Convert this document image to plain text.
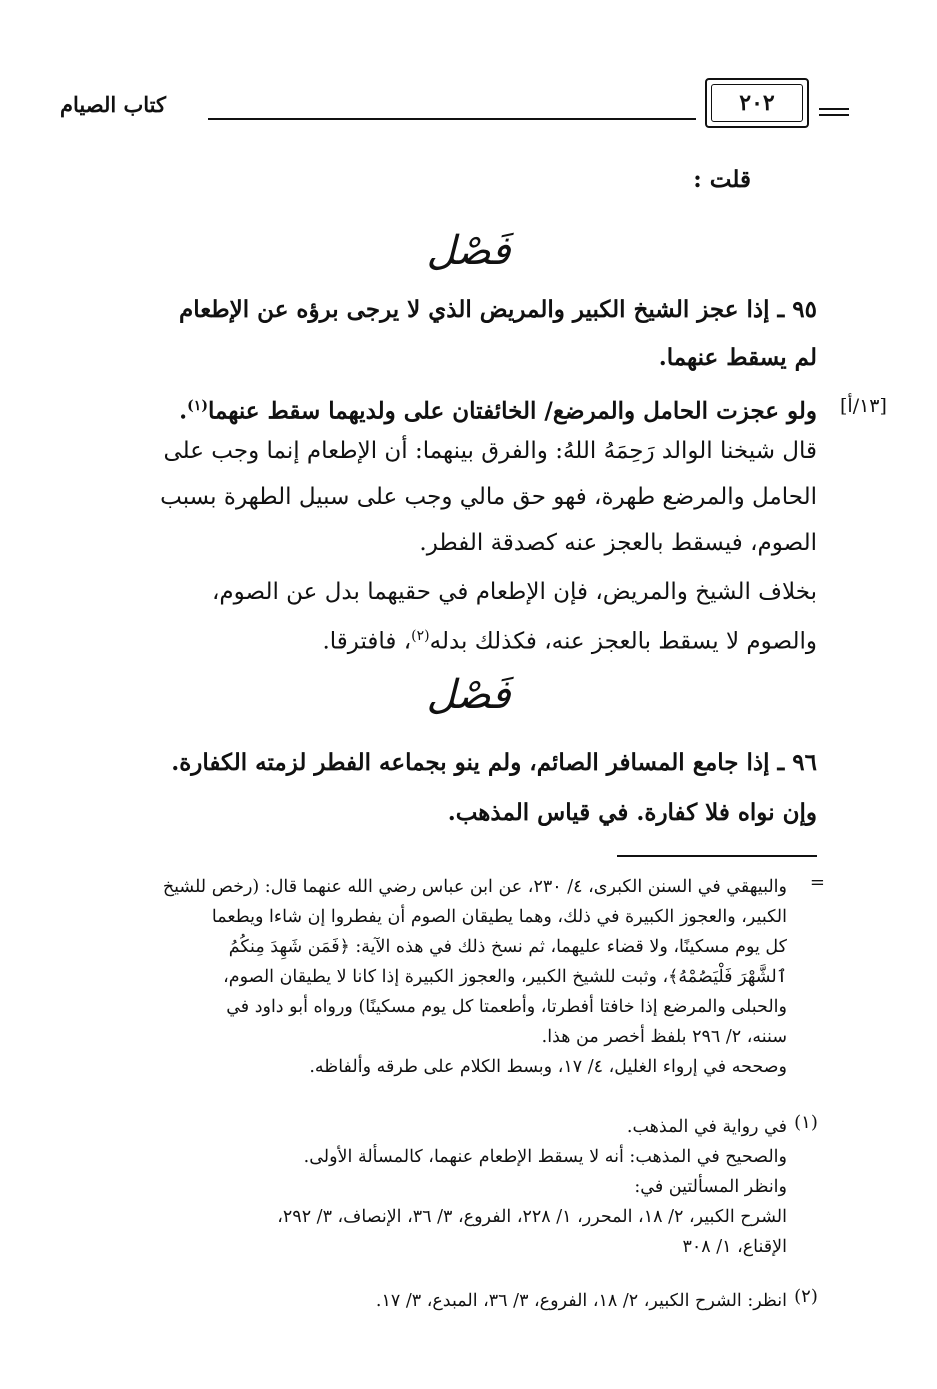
٢٠٢
كتاب الصيام
قلت :
فَصْل
٩٥ ـ إذا عجز الشيخ الكبير والمريض الذي لا يرجى برؤه عن الإطعام
لم يسقط عنهما.
ولو عجزت الحامل والمرضع/ الخائفتان على ولديهما سقط عنهما$^{(١)}$.	[١٣/أ]
قال شيخنا الوالد رَحِمَهُ اللهُ: والفرق بينهما: أن الإطعام إنما وجب على
الحامل والمرضع طهرة، فهو حق مالي وجب على سبيل الطهرة بسبب
الصوم، فيسقط بالعجز عنه كصدقة الفطر.
بخلاف الشيخ والمريض، فإن الإطعام في حقيهما بدل عن الصوم،
والصوم لا يسقط بالعجز عنه، فكذلك بدله$^{(٢)}$، فافترقا.
فَصْل
٩٦ ـ إذا جامع المسافر الصائم، ولم ينو بجماعه الفطر لزمته الكفارة.
وإن نواه فلا كفارة. في قياس المذهب.
=
والبيهقي في السنن الكبرى، ٤/ ٢٣٠، عن ابن عباس رضي الله عنهما قال: (رخص للشيخ
الكبير، والعجوز الكبيرة في ذلك، وهما يطيقان الصوم أن يفطروا إن شاءا ويطعما
كل يوم مسكينًا، ولا قضاء عليهما، ثم نسخ ذلك في هذه الآية: ﴿فَمَن شَهِدَ مِنكُمُ
ٱلشَّهْرَ فَلْيَصُمْهُ﴾، وثبت للشيخ الكبير، والعجوز الكبيرة إذا كانا لا يطيقان الصوم،
والحبلى والمرضع إذا خافتا أفطرتا، وأطعمتا كل يوم مسكينًا) ورواه أبو داود في
سننه، ٢/ ٢٩٦ بلفظ أخصر من هذا.
وصححه في إرواء الغليل، ٤/ ١٧، وبسط الكلام على طرقه وألفاظه.
(١)
في رواية في المذهب.
والصحيح في المذهب: أنه لا يسقط الإطعام عنهما، كالمسألة الأولى.
وانظر المسألتين في:
الشرح الكبير، ٢/ ١٨، المحرر، ١/ ٢٢٨، الفروع، ٣/ ٣٦، الإنصاف، ٣/ ٢٩٢،
الإقناع، ١/ ٣٠٨
(٢)
انظر: الشرح الكبير، ٢/ ١٨، الفروع، ٣/ ٣٦، المبدع، ٣/ ١٧.
